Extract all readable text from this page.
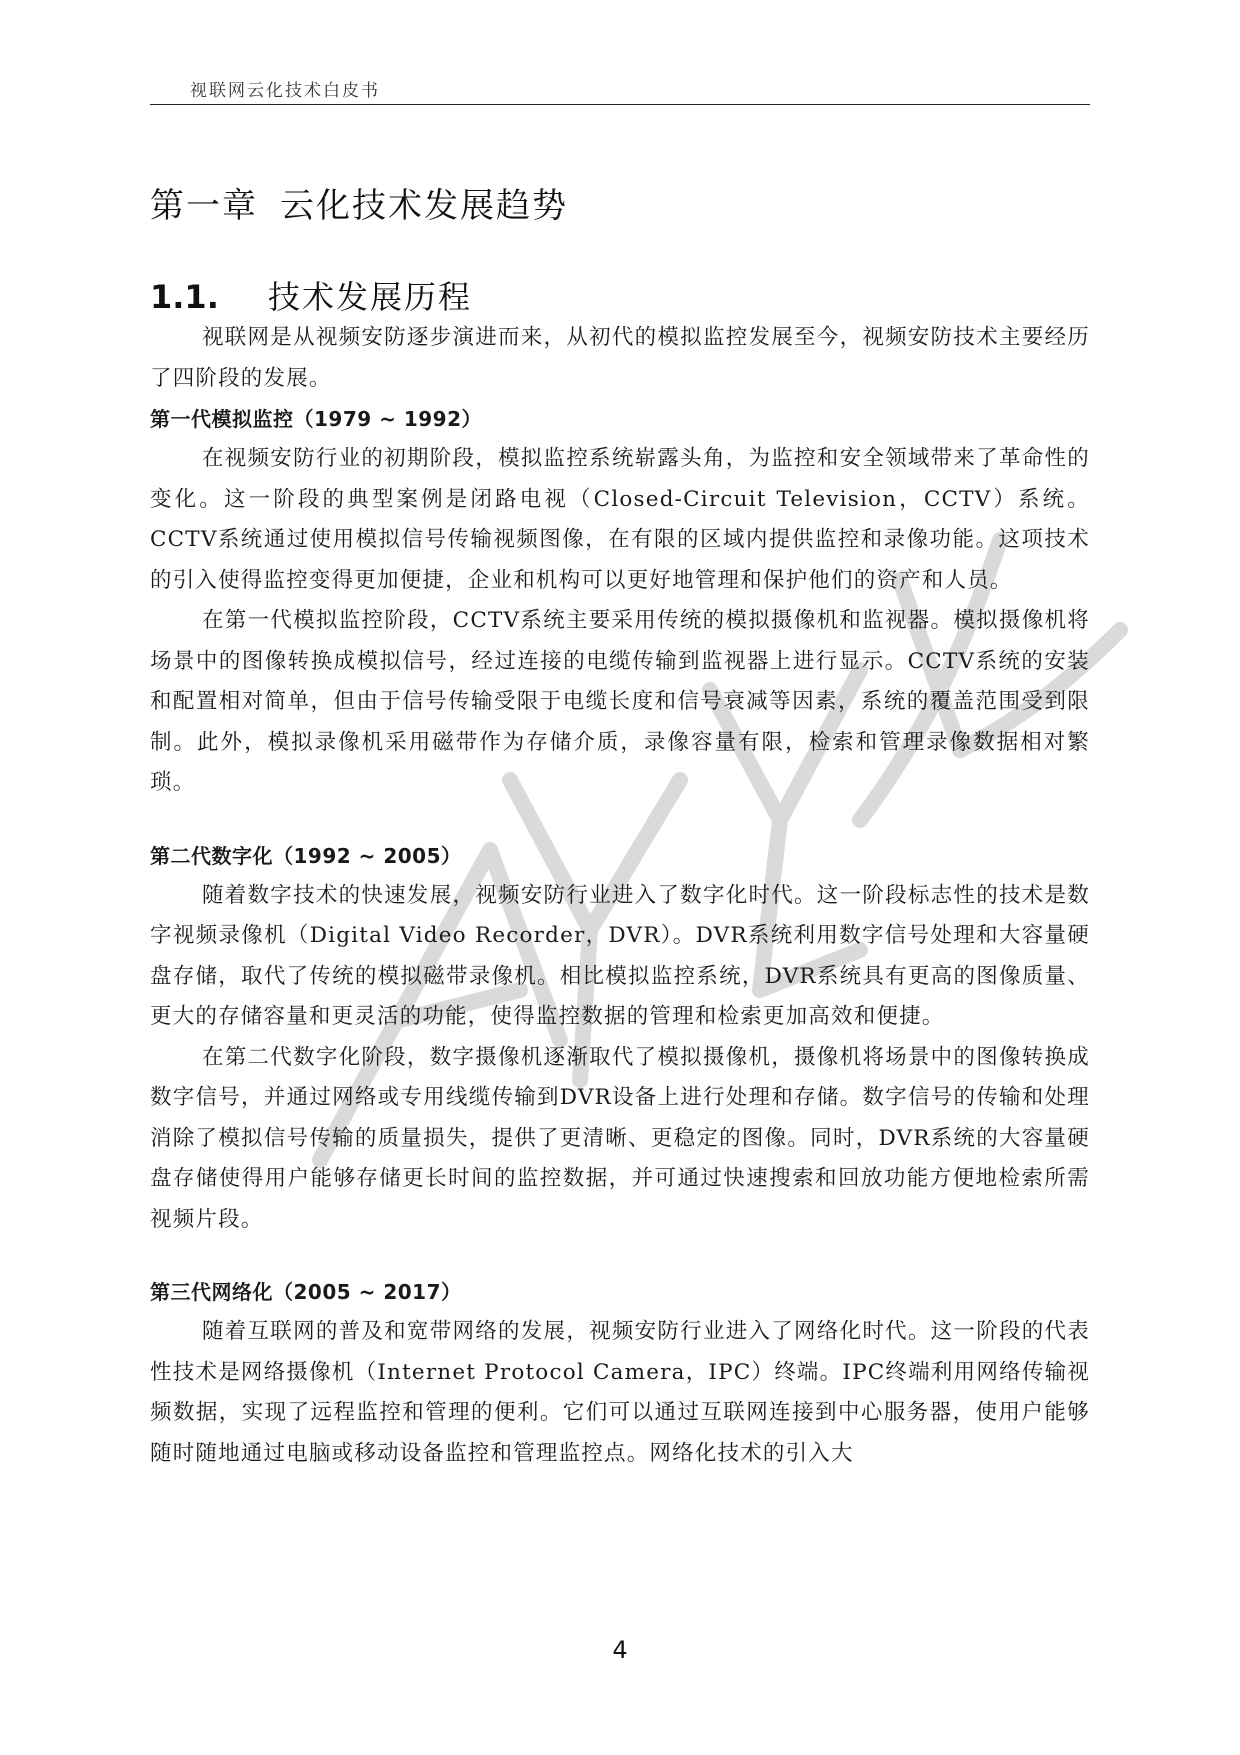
视联网云化技术白皮书
第一章 云化技术发展趋势
1.1. 技术发展历程

视联网是从视频安防逐步演进而来，从初代的模拟监控发展至今，视频安防技术主要经历了四阶段的发展。

第一代模拟监控（1979 ~ 1992）

在视频安防行业的初期阶段，模拟监控系统崭露头角，为监控和安全领域带来了革命性的变化。这一阶段的典型案例是闭路电视（Closed-Circuit Television，CCTV）系统。CCTV系统通过使用模拟信号传输视频图像，在有限的区域内提供监控和录像功能。这项技术的引入使得监控变得更加便捷，企业和机构可以更好地管理和保护他们的资产和人员。

在第一代模拟监控阶段，CCTV系统主要采用传统的模拟摄像机和监视器。模拟摄像机将场景中的图像转换成模拟信号，经过连接的电缆传输到监视器上进行显示。CCTV系统的安装和配置相对简单，但由于信号传输受限于电缆长度和信号衰减等因素，系统的覆盖范围受到限制。此外，模拟录像机采用磁带作为存储介质，录像容量有限，检索和管理录像数据相对繁琐。

第二代数字化（1992 ~ 2005）

随着数字技术的快速发展，视频安防行业进入了数字化时代。这一阶段标志性的技术是数字视频录像机（Digital Video Recorder，DVR）。DVR系统利用数字信号处理和大容量硬盘存储，取代了传统的模拟磁带录像机。相比模拟监控系统，DVR系统具有更高的图像质量、更大的存储容量和更灵活的功能，使得监控数据的管理和检索更加高效和便捷。

在第二代数字化阶段，数字摄像机逐渐取代了模拟摄像机，摄像机将场景中的图像转换成数字信号，并通过网络或专用线缆传输到DVR设备上进行处理和存储。数字信号的传输和处理消除了模拟信号传输的质量损失，提供了更清晰、更稳定的图像。同时，DVR系统的大容量硬盘存储使得用户能够存储更长时间的监控数据，并可通过快速搜索和回放功能方便地检索所需视频片段。

第三代网络化（2005 ~ 2017）

随着互联网的普及和宽带网络的发展，视频安防行业进入了网络化时代。这一阶段的代表性技术是网络摄像机（Internet Protocol Camera，IPC）终端。IPC终端利用网络传输视频数据，实现了远程监控和管理的便利。它们可以通过互联网连接到中心服务器，使用户能够随时随地通过电脑或移动设备监控和管理监控点。网络化技术的引入大

4
